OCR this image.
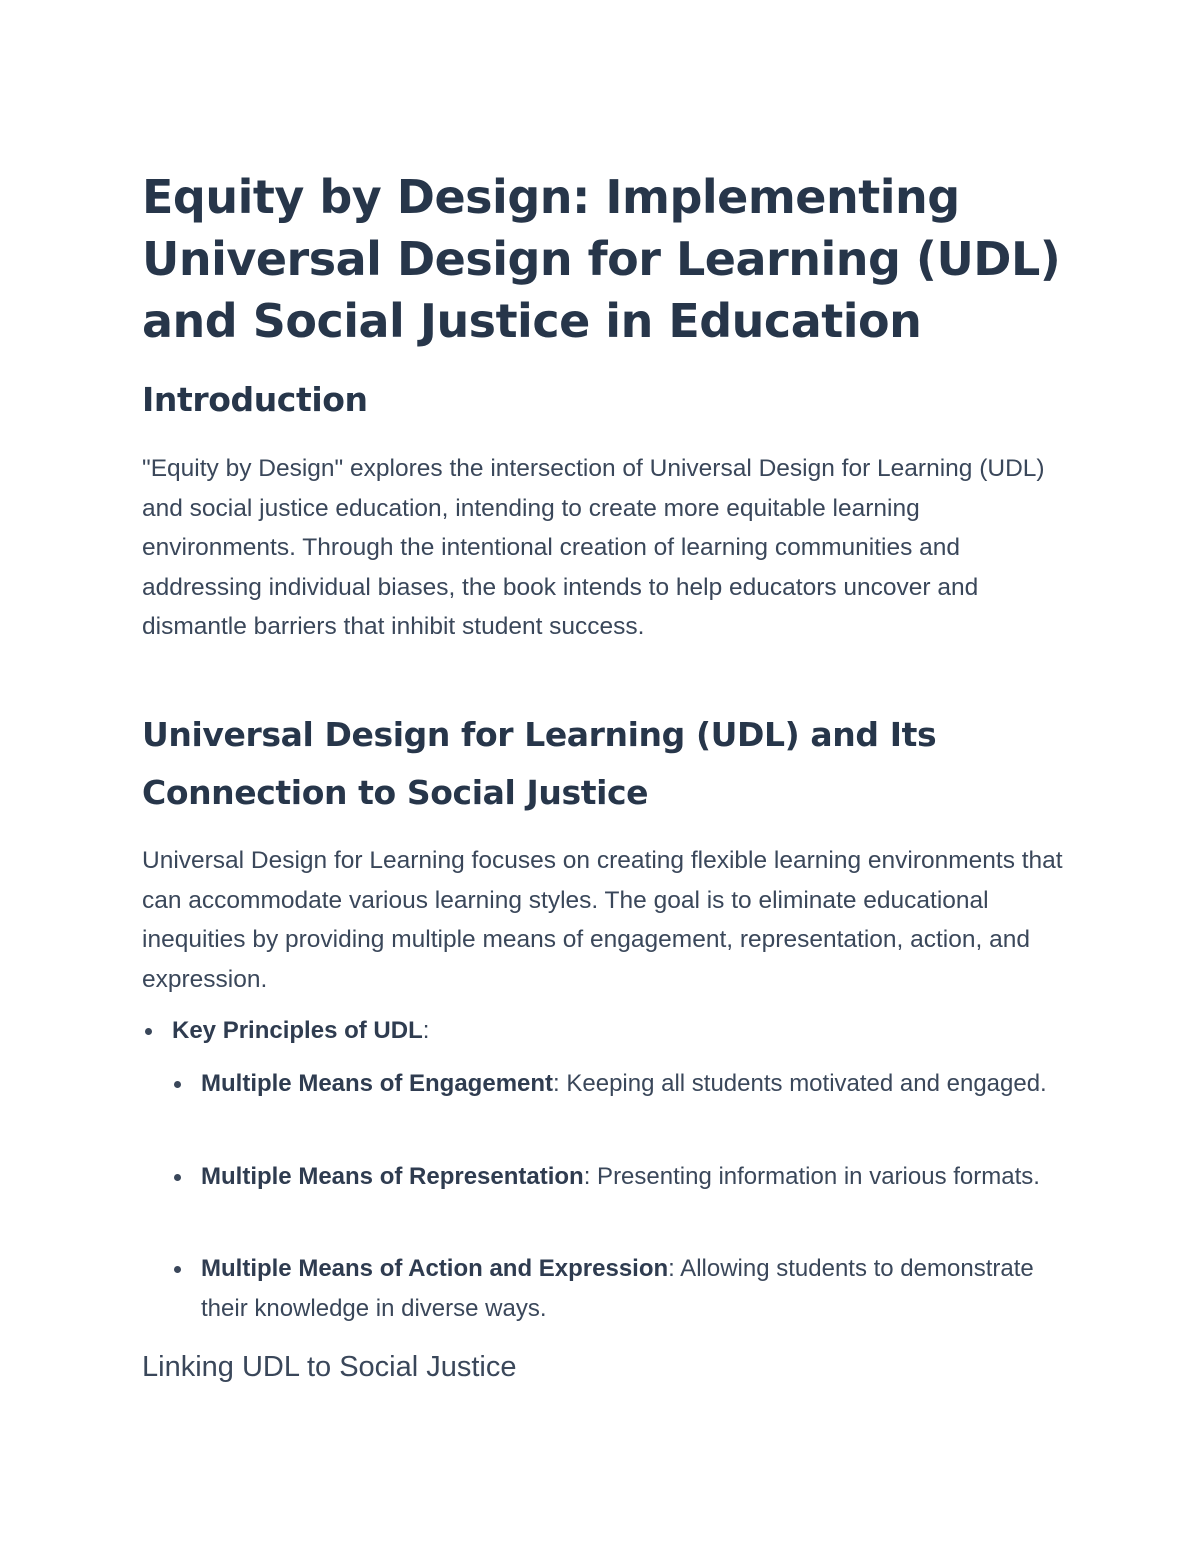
Equity by Design: Implementing Universal Design for Learning (UDL) and Social Justice in Education
Introduction

"Equity by Design" explores the intersection of Universal Design for Learning (UDL) and social justice education, intending to create more equitable learning environments. Through the intentional creation of learning communities and addressing individual biases, the book intends to help educators uncover and dismantle barriers that inhibit student success.

Universal Design for Learning (UDL) and Its Connection to Social Justice

Universal Design for Learning focuses on creating flexible learning environments that can accommodate various learning styles. The goal is to eliminate educational inequities by providing multiple means of engagement, representation, action, and expression.

Key Principles of UDL:
Multiple Means of Engagement: Keeping all students motivated and engaged.
Multiple Means of Representation: Presenting information in various formats.
Multiple Means of Action and Expression: Allowing students to demonstrate their knowledge in diverse ways.
Linking UDL to Social Justice
